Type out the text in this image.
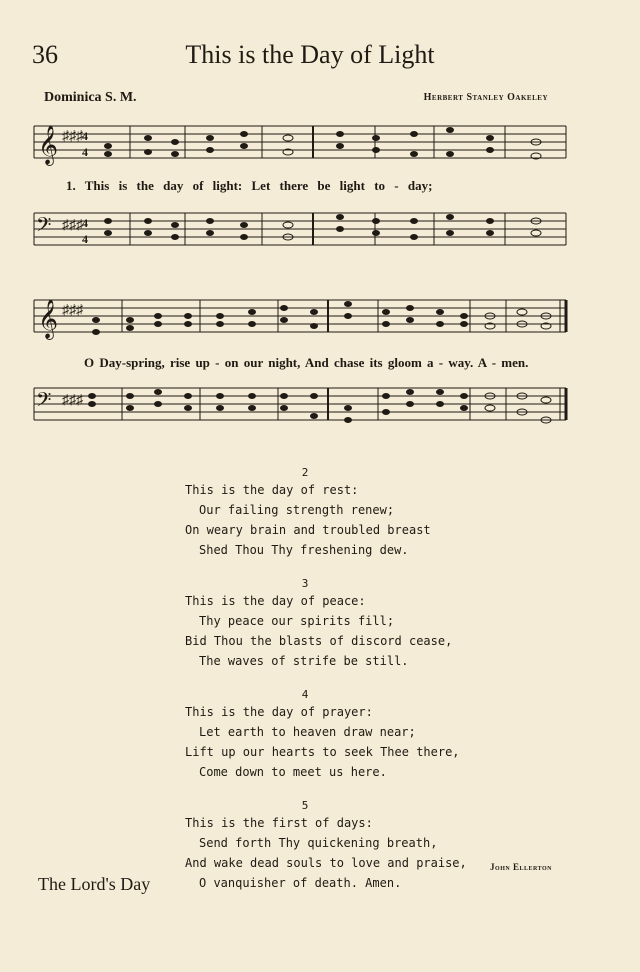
36	This is the Day of Light
Dominica S. M.	Herbert Stanley Oakeley
𝄞 ♯♯♯ 4
4
1. This is the day of light: Let there be light to - day;
𝄢 ♯♯♯ 4
4
𝄞 ♯♯♯
O Day-spring, rise up - on our night, And chase its gloom a - way. A - men.
𝄢 ♯♯♯
2
This is the day of rest:
Our failing strength renew;
On weary brain and troubled breast
Shed Thou Thy freshening dew.
3
This is the day of peace:
Thy peace our spirits fill;
Bid Thou the blasts of discord cease,
The waves of strife be still.
4
This is the day of prayer:
Let earth to heaven draw near;
Lift up our hearts to seek Thee there,
Come down to meet us here.
5
This is the first of days:
Send forth Thy quickening breath,
And wake dead souls to love and praise,
O vanquisher of death. Amen.
John Ellerton
The Lord's Day
